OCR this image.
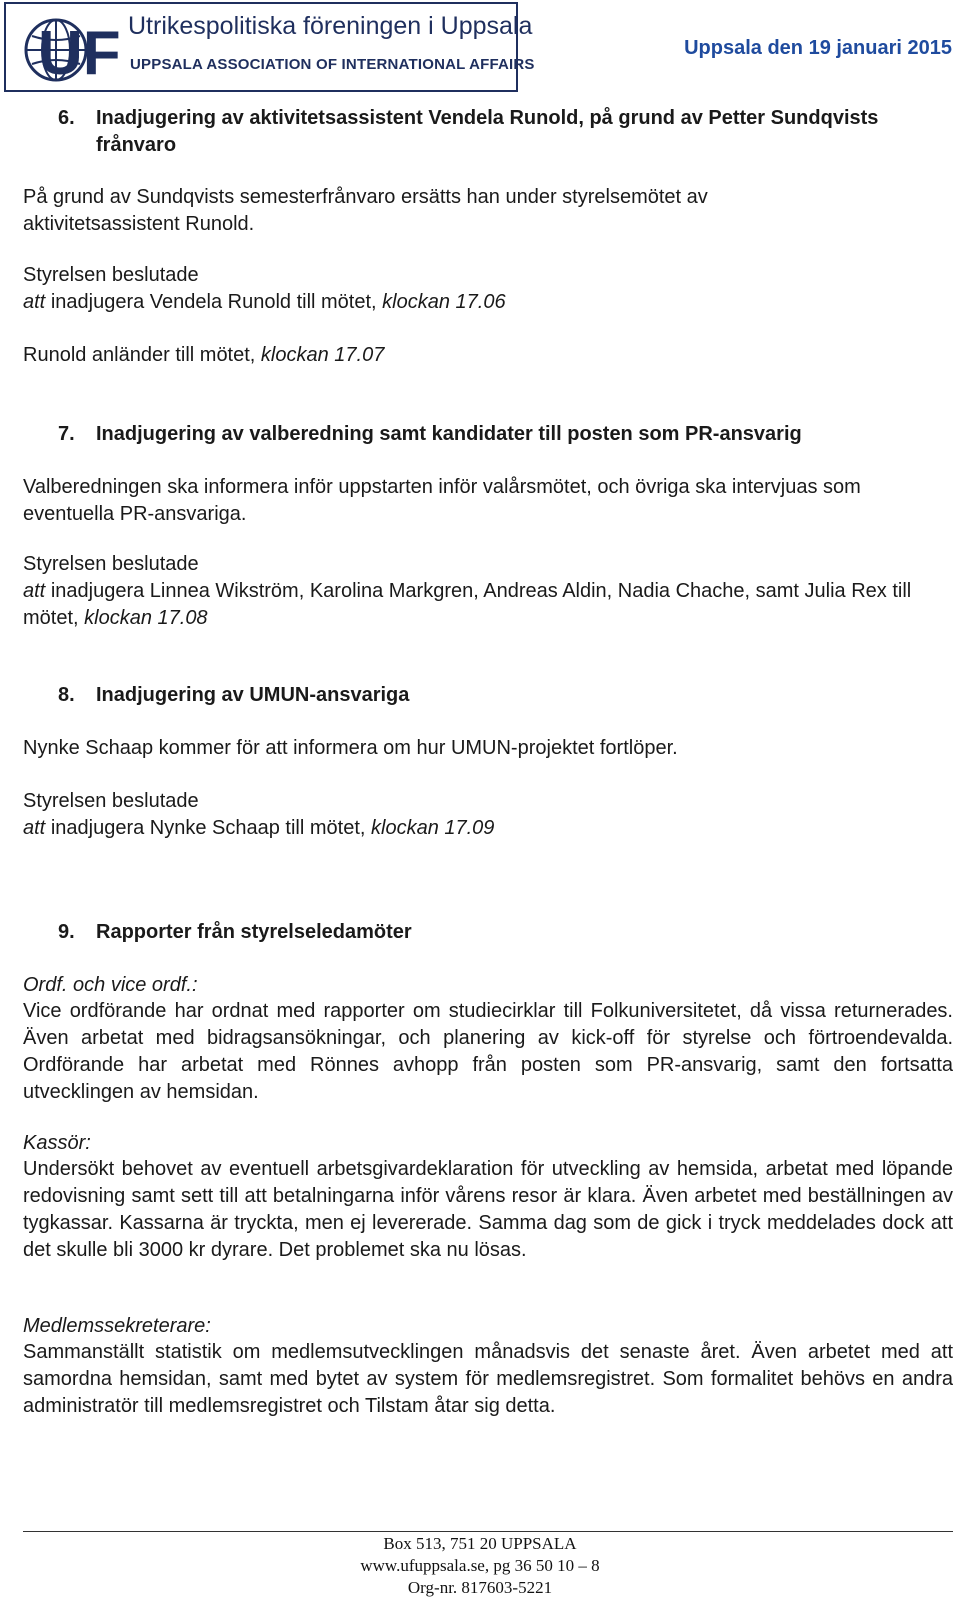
UF Utrikespolitiska föreningen i Uppsala
UPPSALA ASSOCIATION OF INTERNATIONAL AFFAIRS
Uppsala den 19 januari 2015
6. Inadjugering av aktivitetsassistent Vendela Runold, på grund av Petter Sundqvists frånvaro
På grund av Sundqvists semesterfrånvaro ersätts han under styrelsemötet av aktivitetsassistent Runold.
Styrelsen beslutade
att inadjugera Vendela Runold till mötet, klockan 17.06
Runold anländer till mötet, klockan 17.07
7. Inadjugering av valberedning samt kandidater till posten som PR-ansvarig
Valberedningen ska informera inför uppstarten inför valårsmötet, och övriga ska intervjuas som eventuella PR-ansvariga.
Styrelsen beslutade
att inadjugera Linnea Wikström, Karolina Markgren, Andreas Aldin, Nadia Chache, samt Julia Rex till mötet, klockan 17.08
8. Inadjugering av UMUN-ansvariga
Nynke Schaap kommer för att informera om hur UMUN-projektet fortlöper.
Styrelsen beslutade
att inadjugera Nynke Schaap till mötet, klockan 17.09
9. Rapporter från styrelseledamöter
Ordf. och vice ordf.:
Vice ordförande har ordnat med rapporter om studiecirklar till Folkuniversitetet, då vissa returnerades. Även arbetat med bidragsansökningar, och planering av kick-off för styrelse och förtroendevalda. Ordförande har arbetat med Rönnes avhopp från posten som PR-ansvarig, samt den fortsatta utvecklingen av hemsidan.
Kassör:
Undersökt behovet av eventuell arbetsgivardeklaration för utveckling av hemsida, arbetat med löpande redovisning samt sett till att betalningarna inför vårens resor är klara. Även arbetet med beställningen av tygkassar. Kassarna är tryckta, men ej levererade. Samma dag som de gick i tryck meddelades dock att det skulle bli 3000 kr dyrare. Det problemet ska nu lösas.
Medlemssekreterare:
Sammanställt statistik om medlemsutvecklingen månadsvis det senaste året. Även arbetet med att samordna hemsidan, samt med bytet av system för medlemsregistret. Som formalitet behövs en andra administratör till medlemsregistret och Tilstam åtar sig detta.
Box 513, 751 20 UPPSALA
www.ufuppsala.se, pg 36 50 10 – 8
Org-nr. 817603-5221
